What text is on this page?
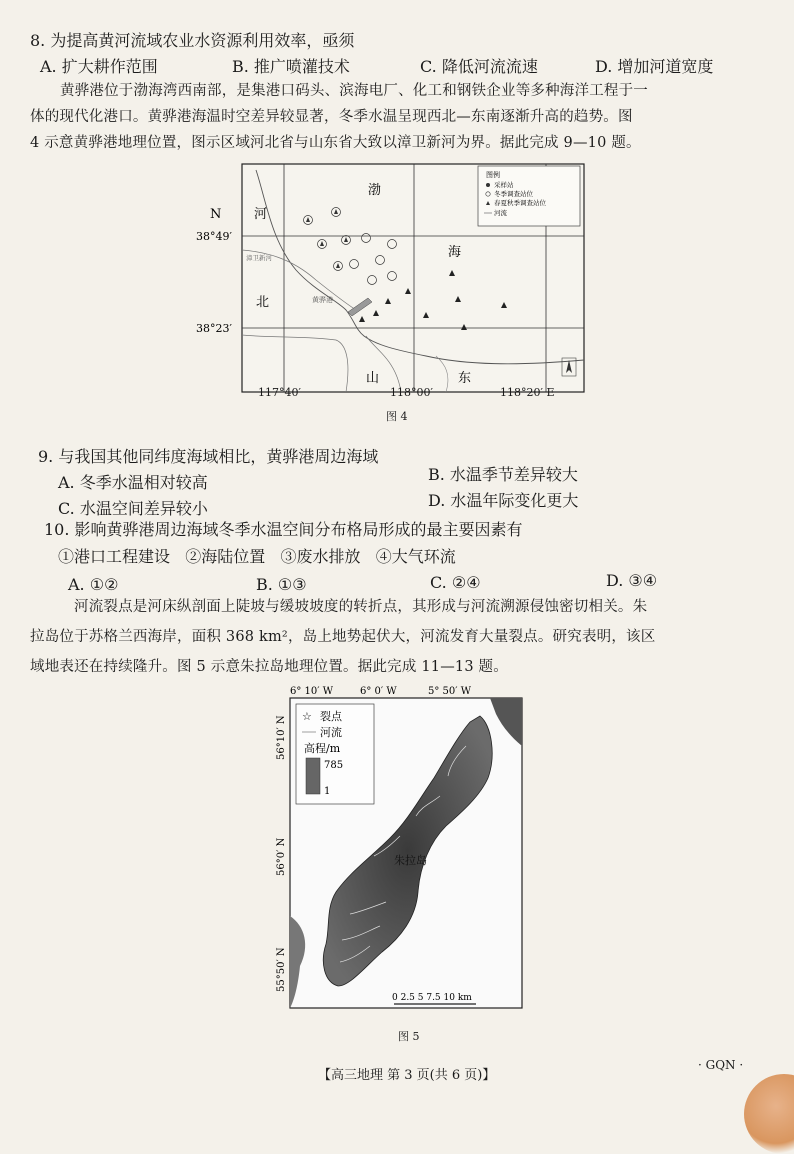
8. 为提高黄河流域农业水资源利用效率，亟须
A. 扩大耕作范围	B. 推广喷灌技术	C. 降低河流流速	D. 增加河道宽度
黄骅港位于渤海湾西南部，是集港口码头、滨海电厂、化工和钢铁企业等多种海洋工程于一
体的现代化港口。黄骅港海温时空差异较显著，冬季水温呈现西北—东南逐渐升高的趋势。图
4 示意黄骅港地理位置，图示区域河北省与山东省大致以漳卫新河为界。据此完成 9—10 题。
图例
采样站
冬季调查站位
春夏秋季调查站位
河流
N
38°49′
38°23′
河
北
渤
海
山	东
黄骅港
漳卫新河
117°40′	118°00′	118°20′ E
图 4
9. 与我国其他同纬度海域相比，黄骅港周边海域
A. 冬季水温相对较高	B. 水温季节差异较大
C. 水温空间差异较小	D. 水温年际变化更大
10. 影响黄骅港周边海域冬季水温空间分布格局形成的最主要因素有
①港口工程建设   ②海陆位置   ③废水排放   ④大气环流
A. ①②	B. ①③	C. ②④	D. ③④
河流裂点是河床纵剖面上陡坡与缓坡坡度的转折点，其形成与河流溯源侵蚀密切相关。朱
拉岛位于苏格兰西海岸，面积 368 km²，岛上地势起伏大，河流发育大量裂点。研究表明，该区
域地表还在持续隆升。图 5 示意朱拉岛地理位置。据此完成 11—13 题。
6° 10′ W	6° 0′ W	5° 50′ W
56°10′ N
56°0′ N
55°50′ N
☆ 裂点
河流
高程/m
785
1
朱拉岛
0 2.5 5 7.5 10 km
图 5
【高三地理 第 3 页(共 6 页)】
· GQN ·
